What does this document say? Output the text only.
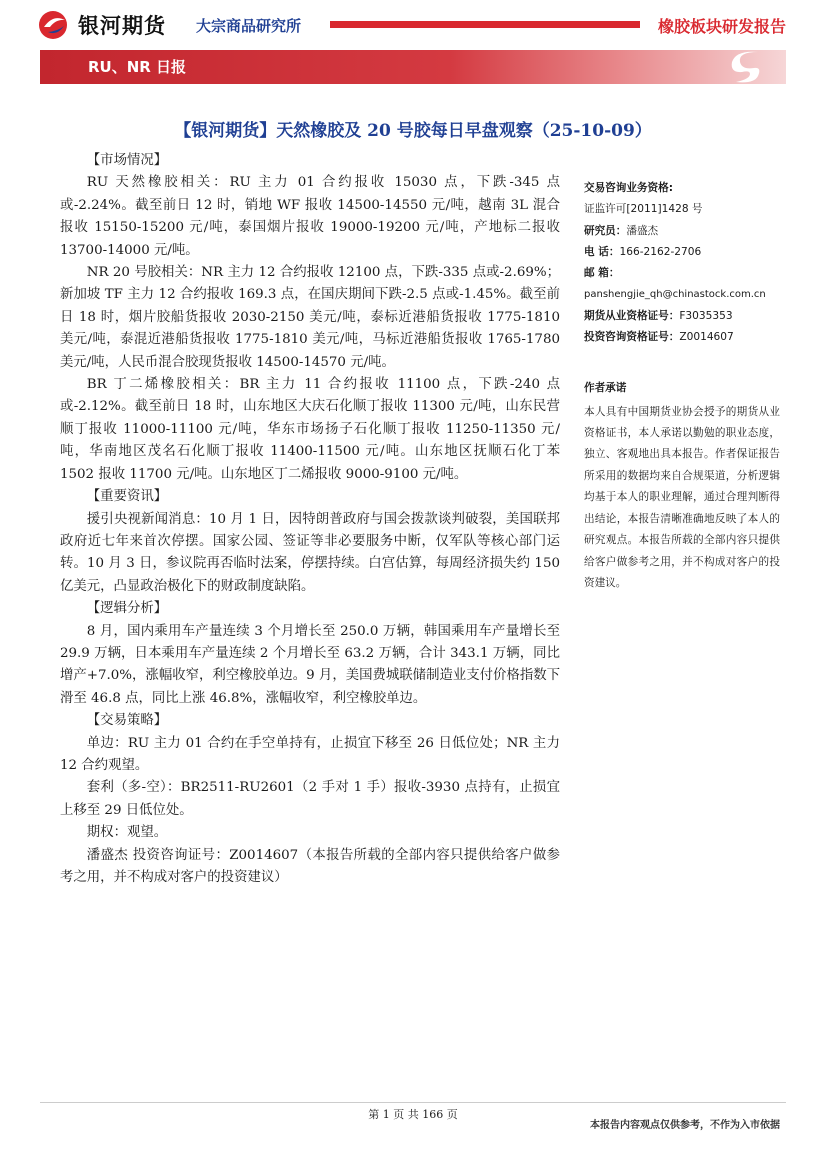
银河期货 大宗商品研究所	橡胶板块研发报告
RU、NR 日报
【银河期货】天然橡胶及 20 号胶每日早盘观察（25-10-09）

【市场情况】

RU 天然橡胶相关：RU 主力 01 合约报收 15030 点，下跌-345 点或-2.24%。截至前日 12 时，销地 WF 报收 14500-14550 元/吨，越南 3L 混合报收 15150-15200 元/吨，泰国烟片报收 19000-19200 元/吨，产地标二报收 13700-14000 元/吨。

NR 20 号胶相关：NR 主力 12 合约报收 12100 点，下跌-335 点或-2.69%；新加坡 TF 主力 12 合约报收 169.3 点，在国庆期间下跌-2.5 点或-1.45%。截至前日 18 时，烟片胶船货报收 2030-2150 美元/吨，泰标近港船货报收 1775-1810 美元/吨，泰混近港船货报收 1775-1810 美元/吨，马标近港船货报收 1765-1780 美元/吨，人民币混合胶现货报收 14500-14570 元/吨。

BR 丁二烯橡胶相关：BR 主力 11 合约报收 11100 点，下跌-240 点或-2.12%。截至前日 18 时，山东地区大庆石化顺丁报收 11300 元/吨，山东民营顺丁报收 11000-11100 元/吨，华东市场扬子石化顺丁报收 11250-11350 元/吨，华南地区茂名石化顺丁报收 11400-11500 元/吨。山东地区抚顺石化丁苯 1502 报收 11700 元/吨。山东地区丁二烯报收 9000-9100 元/吨。

【重要资讯】

援引央视新闻消息：10 月 1 日，因特朗普政府与国会拨款谈判破裂，美国联邦政府近七年来首次停摆。国家公园、签证等非必要服务中断，仅军队等核心部门运转。10 月 3 日，参议院再否临时法案，停摆持续。白宫估算，每周经济损失约 150 亿美元，凸显政治极化下的财政制度缺陷。

【逻辑分析】

8 月，国内乘用车产量连续 3 个月增长至 250.0 万辆，韩国乘用车产量增长至 29.9 万辆，日本乘用车产量连续 2 个月增长至 63.2 万辆，合计 343.1 万辆，同比增产+7.0%，涨幅收窄，利空橡胶单边。9 月，美国费城联储制造业支付价格指数下滑至 46.8 点，同比上涨 46.8%，涨幅收窄，利空橡胶单边。

【交易策略】

单边：RU 主力 01 合约在手空单持有，止损宜下移至 26 日低位处；NR 主力 12 合约观望。

套利（多-空）：BR2511-RU2601（2 手对 1 手）报收-3930 点持有，止损宜上移至 29 日低位处。

期权：观望。

潘盛杰 投资咨询证号：Z0014607（本报告所载的全部内容只提供给客户做参考之用，并不构成对客户的投资建议）

交易咨询业务资格:
证监许可[2011]1428 号
研究员：潘盛杰
电 话：166-2162-2706
邮 箱：
panshengjie_qh@chinastock.com.cn
期货从业资格证号：F3035353
投资咨询资格证号：Z0014607
作者承诺
本人具有中国期货业协会授予的期货从业资格证书，本人承诺以勤勉的职业态度，独立、客观地出具本报告。作者保证报告所采用的数据均来自合规渠道，分析逻辑均基于本人的职业理解，通过合理判断得出结论，本报告清晰准确地反映了本人的研究观点。本报告所载的全部内容只提供给客户做参考之用，并不构成对客户的投资建议。
第 1 页 共 166 页
本报告内容观点仅供参考，不作为入市依据
